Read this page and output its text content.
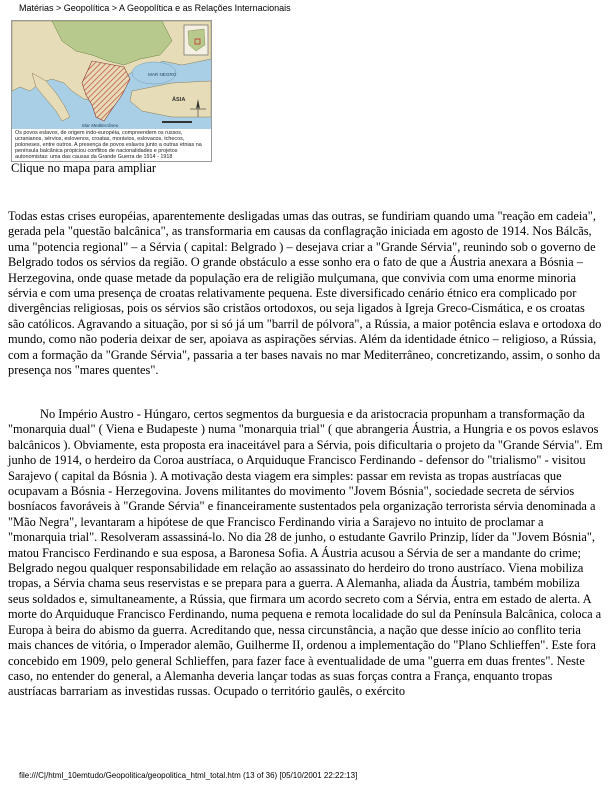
Matérias > Geopolítica > A Geopolítica e as Relações Internacionais
MAR NEGRO
ÁSIA
Mar Mediterrâneo
Os povos eslavos, de origem indo-européia, compreendem os russos, ucranianos, sérvios, eslovenos, croatas, morávios, eslovacos, tchecos, poloneses, entre outros. A presença de povos eslavos junto a outras etnias na península balcânica propiciou conflitos de nacionalidades e projetos autonomistas: uma das causas da Grande Guerra de 1914 - 1918
Clique no mapa para ampliar

Todas estas crises européias, aparentemente desligadas umas das outras, se fundiriam quando uma "reação em cadeia", gerada pela "questão balcânica", as transformaria em causas da conflagração iniciada em agosto de 1914. Nos Bálcãs, uma "potencia regional" – a Sérvia ( capital: Belgrado ) – desejava criar a "Grande Sérvia", reunindo sob o governo de Belgrado todos os sérvios da região. O grande obstáculo a esse sonho era o fato de que a Áustria anexara a Bósnia – Herzegovina, onde quase metade da população era de religião mulçumana, que convivia com uma enorme minoria sérvia e com uma presença de croatas relativamente pequena. Este diversificado cenário étnico era complicado por divergências religiosas, pois os sérvios são cristãos ortodoxos, ou seja ligados à Igreja Greco-Cismática, e os croatas são católicos. Agravando a situação, por si só já um "barril de pólvora", a Rússia, a maior potência eslava e ortodoxa do mundo, como não poderia deixar de ser, apoiava as aspirações sérvias. Além da identidade étnico – religioso, a Rússia, com a formação da "Grande Sérvia", passaria a ter bases navais no mar Mediterrâneo, concretizando, assim, o sonho da presença nos "mares quentes".

No Império Austro - Húngaro, certos segmentos da burguesia e da aristocracia propunham a transformação da "monarquia dual" ( Viena e Budapeste ) numa "monarquia trial" ( que abrangeria Áustria, a Hungria e os povos eslavos balcânicos ). Obviamente, esta proposta era inaceitável para a Sérvia, pois dificultaria o projeto da "Grande Sérvia". Em junho de 1914, o herdeiro da Coroa austríaca, o Arquiduque Francisco Ferdinando - defensor do "trialismo" - visitou Sarajevo ( capital da Bósnia ). A motivação desta viagem era simples: passar em revista as tropas austríacas que ocupavam a Bósnia - Herzegovina. Jovens militantes do movimento "Jovem Bósnia", sociedade secreta de sérvios bosníacos favoráveis à "Grande Sérvia" e financeiramente sustentados pela organização terrorista sérvia denominada a "Mão Negra", levantaram a hipótese de que Francisco Ferdinando viria a Sarajevo no intuito de proclamar a "monarquia trial". Resolveram assassiná-lo. No dia 28 de junho, o estudante Gavrilo Prinzip, líder da "Jovem Bósnia", matou Francisco Ferdinando e sua esposa, a Baronesa Sofia. A Áustria acusou a Sérvia de ser a mandante do crime; Belgrado negou qualquer responsabilidade em relação ao assassinato do herdeiro do trono austríaco. Viena mobiliza tropas, a Sérvia chama seus reservistas e se prepara para a guerra. A Alemanha, aliada da Áustria, também mobiliza seus soldados e, simultaneamente, a Rússia, que firmara um acordo secreto com a Sérvia, entra em estado de alerta. A morte do Arquiduque Francisco Ferdinando, numa pequena e remota localidade do sul da Península Balcânica, coloca a Europa à beira do abismo da guerra. Acreditando que, nessa circunstância, a nação que desse início ao conflito teria mais chances de vitória, o Imperador alemão, Guilherme II, ordenou a implementação do "Plano Schlieffen". Este fora concebido em 1909, pelo general Schlieffen, para fazer face à eventualidade de uma "guerra em duas frentes". Neste caso, no entender do general, a Alemanha deveria lançar todas as suas forças contra a França, enquanto tropas austríacas barrariam as investidas russas. Ocupado o território gaulês, o exército

file:///C|/html_10emtudo/Geopolitica/geopolitica_html_total.htm (13 of 36) [05/10/2001 22:22:13]
